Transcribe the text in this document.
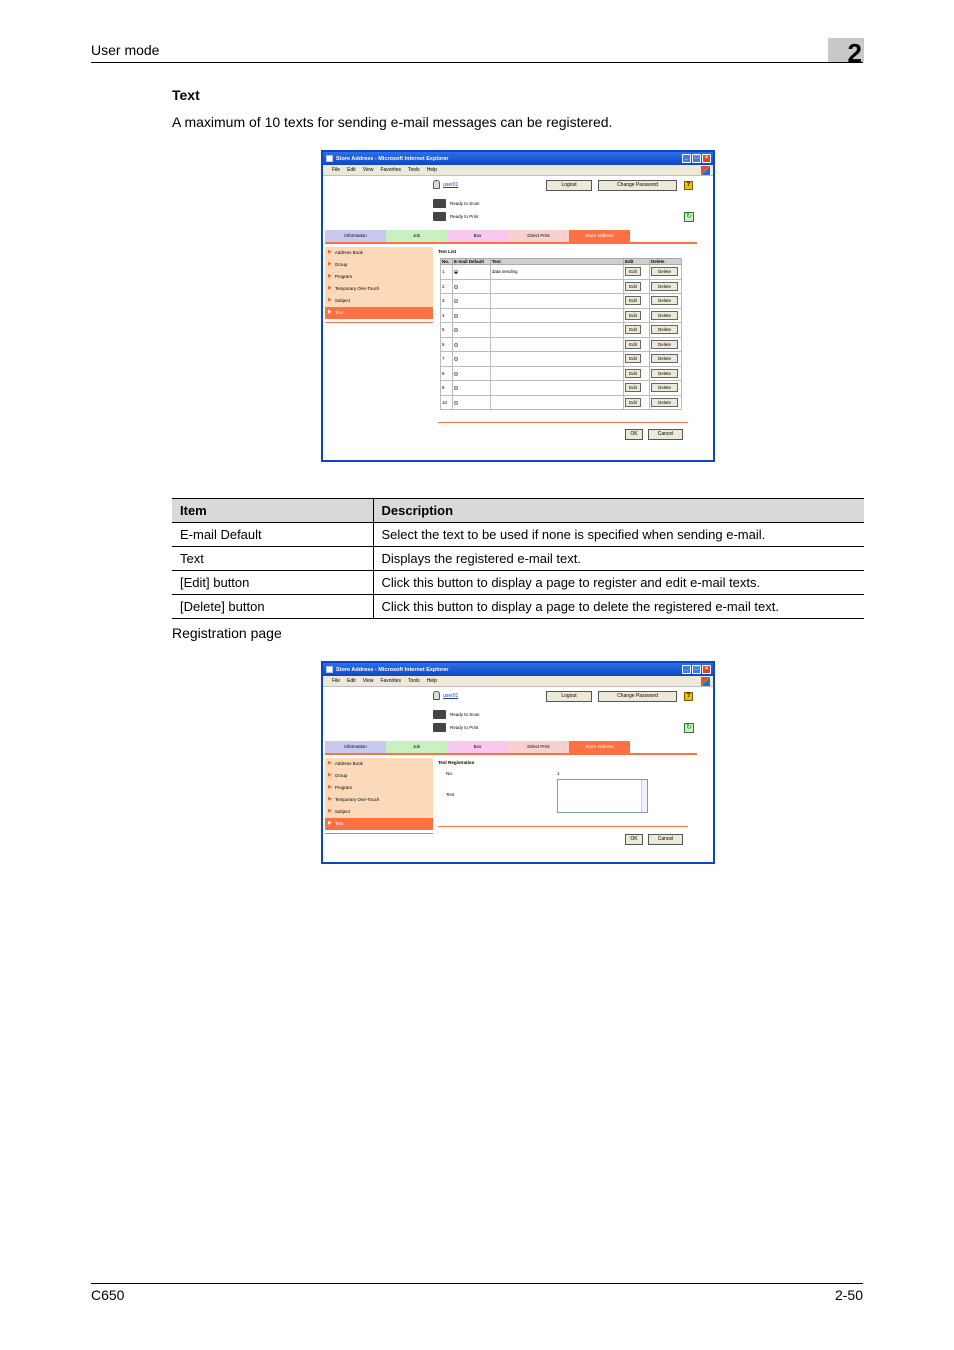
User mode	2
Text
A maximum of 10 texts for sending e-mail messages can be registered.
Store Address - Microsoft Internet Explorer	_	□	×
File Edit View Favorites Tools Help
user01	Logout	Change Password	?
Ready to Scan
Ready to Print	↻
Information	Job	Box	Direct Print	Store Address
▶ Address Book
▶ Group
▶ Program
▶ Temporary One-Touch
▶ Subject
▶ Text
Text List
No.	E-mail Default	Text	Edit	Delete
1		data sending	Edit	Delete
2			Edit	Delete
3			Edit	Delete
4			Edit	Delete
5			Edit	Delete
6			Edit	Delete
7			Edit	Delete
8			Edit	Delete
9			Edit	Delete
10			Edit	Delete
OK	Cancel
Item	Description
E-mail Default	Select the text to be used if none is specified when sending e-mail.
Text	Displays the registered e-mail text.
[Edit] button	Click this button to display a page to register and edit e-mail texts.
[Delete] button	Click this button to display a page to delete the registered e-mail text.
Registration page
Store Address - Microsoft Internet Explorer	_	□	×
File Edit View Favorites Tools Help
user01	Logout	Change Password	?
Ready to Scan
Ready to Print	↻
Information	Job	Box	Direct Print	Store Address
▶ Address Book
▶ Group
▶ Program
▶ Temporary One-Touch
▶ Subject
▶ Text
Text Registration
No.	1
Text
OK	Cancel
C650	2-50
